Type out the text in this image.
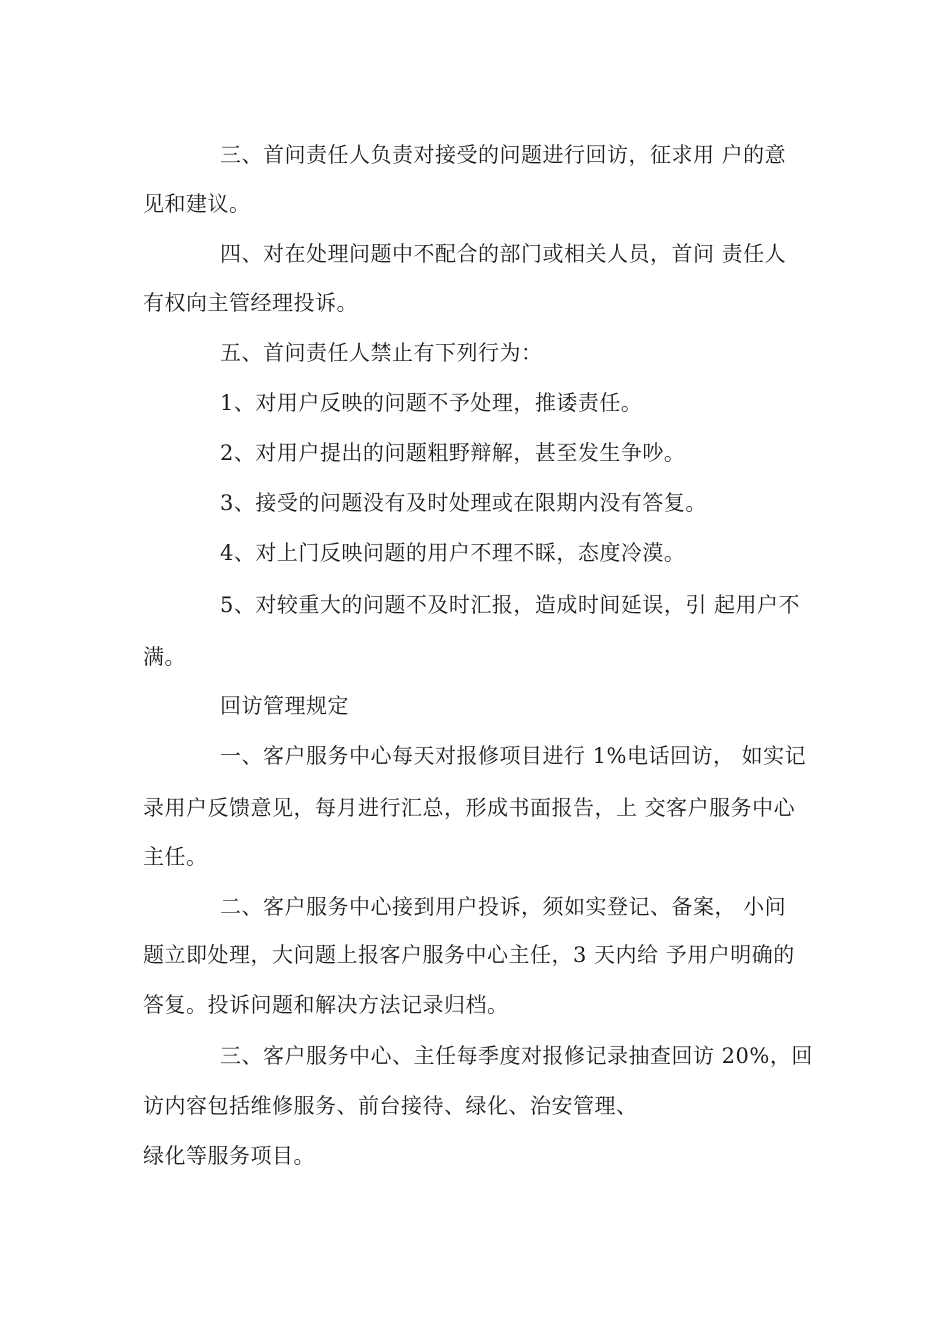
三、首问责任人负责对接受的问题进行回访，征求用 户的意
见和建议。
四、对在处理问题中不配合的部门或相关人员，首问 责任人
有权向主管经理投诉。
五、首问责任人禁止有下列行为：
1、对用户反映的问题不予处理，推诿责任。
2、对用户提出的问题粗野辩解，甚至发生争吵。
3、接受的问题没有及时处理或在限期内没有答复。
4、对上门反映问题的用户不理不睬，态度冷漠。
5、对较重大的问题不及时汇报，造成时间延误，引 起用户不
满。
回访管理规定
一、客户服务中心每天对报修项目进行 1%电话回访， 如实记
录用户反馈意见，每月进行汇总，形成书面报告，上 交客户服务中心
主任。
二、客户服务中心接到用户投诉，须如实登记、备案， 小问
题立即处理，大问题上报客户服务中心主任，3 天内给 予用户明确的
答复。投诉问题和解决方法记录归档。
三、客户服务中心、主任每季度对报修记录抽查回访 20%，回
访内容包括维修服务、前台接待、绿化、治安管理、
绿化等服务项目。
